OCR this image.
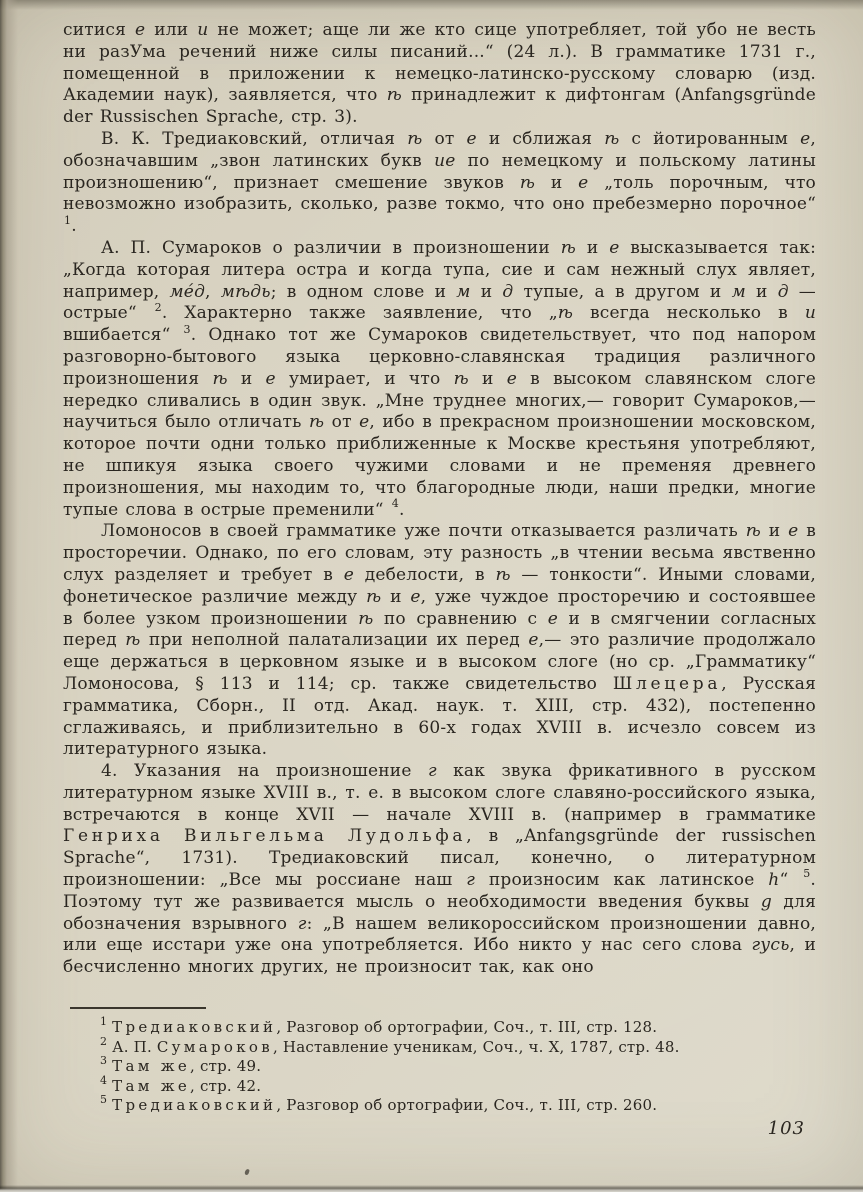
ситися е или и не может; аще ли же кто сице употребляет, той убо не весть ни разУма речений ниже силы писаний...“ (24 л.). В грамматике 1731 г., помещенной в приложении к немецко-латинско-русскому словарю (изд. Академии наук), заявляется, что ѣ принадлежит к дифтонгам (Anfangsgründe der Russischen Sprache, стр. 3).

В. К. Тредиаковский, отличая ѣ от е и сближая ѣ с йотированным е, обозначавшим „звон латинских букв ие по немецкому и польскому латины произношению“, признает смешение звуков ѣ и е „толь порочным, что невозможно изобразить, сколько, разве токмо, что оно пребезмерно порочное“ $^1$.

А. П. Сумароков о различии в произношении ѣ и е высказывается так: „Когда которая литера остра и когда тупа, сие и сам нежный слух являет, например, мéд, мѣдь; в одном слове и м и д тупые, а в другом и м и д — острые“ $^2$. Характерно также заявление, что „ѣ всегда несколько в и вшибается“ $^3$. Однако тот же Сумароков свидетельствует, что под напором разговорно-бытового языка церковно-славянская традиция различного произношения ѣ и е умирает, и что ѣ и е в высоком славянском слоге нередко сливались в один звук. „Мне труднее многих,— говорит Сумароков,— научиться было отличать ѣ от е, ибо в прекрасном произношении московском, которое почти одни только приближенные к Москве крестьяня употребляют, не шпикуя языка своего чужими словами и не пременяя древнего произношения, мы находим то, что благородные люди, наши предки, многие тупые слова в острые пременили“ $^4$.

Ломоносов в своей грамматике уже почти отказывается различать ѣ и е в просторечии. Однако, по его словам, эту разность „в чтении весьма явственно слух разделяет и требует в е дебелости, в ѣ — тонкости“. Иными словами, фонетическое различие между ѣ и е, уже чуждое просторечию и состоявшее в более узком произношении ѣ по сравнению с е и в смягчении согласных перед ѣ при неполной палатализации их перед е,— это различие продолжало еще держаться в церковном языке и в высоком слоге (но ср. „Грамматику“ Ломоносова, § 113 и 114; ср. также свидетельство Шлецера, Русская грамматика, Сборн., II отд. Акад. наук. т. XIII, стр. 432), постепенно сглаживаясь, и приблизительно в 60-х годах XVIII в. исчезло совсем из литературного языка.

4. Указания на произношение г как звука фрикативного в русском литературном языке XVIII в., т. е. в высоком слоге славяно-российского языка, встречаются в конце XVII — начале XVIII в. (например в грамматике Генриха Вильгельма Лудольфа, в „Anfangsgründe der russischen Sprache“, 1731). Тредиаковский писал, конечно, о литературном произношении: „Все мы россиане наш г произносим как латинское h“ $^5$. Поэтому тут же развивается мысль о необходимости введения буквы g для обозначения взрывного г: „В нашем великороссийском произношении давно, или еще исстари уже она употребляется. Ибо никто у нас сего слова гусь, и бесчисленно многих других, не произносит так, как оно

$^1$ Тредиаковский, Разговор об ортографии, Соч., т. III, стр. 128.

$^2$ А. П. Сумароков, Наставление ученикам, Соч., ч. X, 1787, стр. 48.

$^3$ Там же, стр. 49.

$^4$ Там же, стр. 42.

$^5$ Тредиаковский, Разговор об ортографии, Соч., т. III, стр. 260.

103
